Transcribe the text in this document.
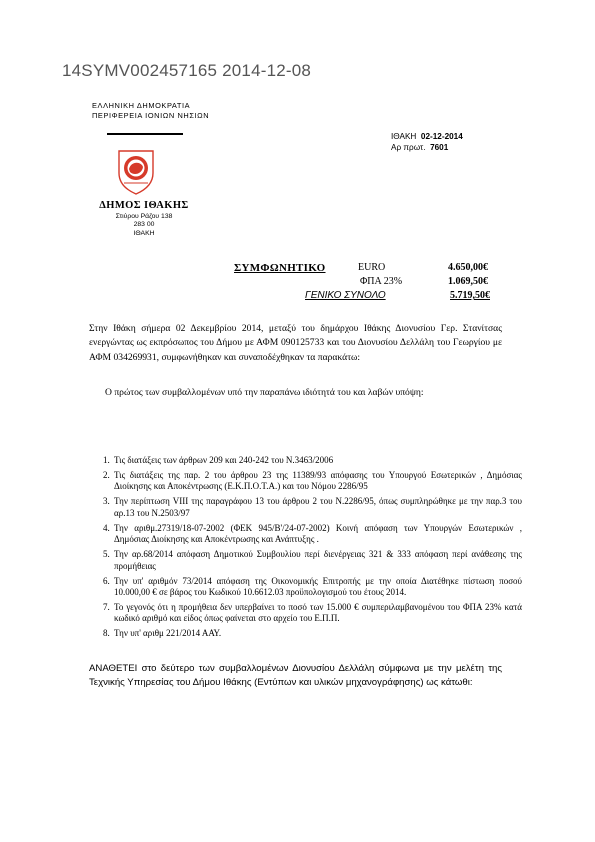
14SYMV002457165 2014-12-08
ΕΛΛΗΝΙΚΗ ΔΗΜΟΚΡΑΤΙΑ
ΠΕΡΙΦΕΡΕΙΑ ΙΟΝΙΩΝ ΝΗΣΙΩΝ
ΔΗΜΟΣ ΙΘΑΚΗΣ
Στιύρου Ράζου 138
283 00
ΙΘΑΚΗ
ΙΘΑΚΗ 02-12-2014
Αρ πρωτ. 7601
ΣΥΜΦΩΝΗΤΙΚΟ	EURO	4.650,00€
ΦΠΑ 23%	1.069,50€
ΓΕΝΙΚΟ ΣΥΝΟΛΟ	5.719,50€
Στην Ιθάκη σήμερα 02 Δεκεμβρίου 2014, μεταξύ του δημάρχου Ιθάκης Διονυσίου Γερ. Στανίτσας ενεργώντας ως εκπρόσωπος του Δήμου με ΑΦΜ 090125733 και του Διονυσίου Δελλάλη του Γεωργίου με ΑΦΜ 034269931, συμφωνήθηκαν και συναποδέχθηκαν τα παρακάτω:
Ο πρώτος των συμβαλλομένων υπό την παραπάνω ιδιότητά του και λαβών υπόψη:
1. Τις διατάξεις των άρθρων 209 και 240-242 του Ν.3463/2006
2. Τις διατάξεις της παρ. 2 του άρθρου 23 της 11389/93 απόφασης του Υπουργού Εσωτερικών , Δημόσιας Διοίκησης και Αποκέντρωσης (Ε.Κ.Π.Ο.Τ.Α.) και του Νόμου 2286/95
3. Την περίπτωση VIII της παραγράφου 13 του άρθρου 2 του Ν.2286/95, όπως συμπληρώθηκε με την παρ.3 του αρ.13 του Ν.2503/97
4. Την αριθμ.27319/18-07-2002 (ΦΕΚ 945/Β'/24-07-2002) Κοινή απόφαση των Υπουργών Εσωτερικών , Δημόσιας Διοίκησης και Αποκέντρωσης και Ανάπτυξης .
5. Την αρ.68/2014 απόφαση Δημοτικού Συμβουλίου περί διενέργειας 321 & 333 απόφαση περί ανάθεσης της προμήθειας
6. Την υπ' αριθμόν 73/2014 απόφαση της Οικονομικής Επιτροπής με την οποία Διατέθηκε πίστωση ποσού 10.000,00 € σε βάρος του Κωδικού 10.6612.03 προϋπολογισμού του έτους 2014.
7. Το γεγονός ότι η προμήθεια δεν υπερβαίνει το ποσό των 15.000 € συμπεριλαμβανομένου του ΦΠΑ 23% κατά κωδικό αριθμό και είδος όπως φαίνεται στο αρχείο του Ε.Π.Π.
8. Την υπ' αριθμ 221/2014 ΑΑΥ.
ΑΝΑΘΕΤΕΙ στο δεύτερο των συμβαλλομένων Διονυσίου Δελλάλη σύμφωνα με την μελέτη της Τεχνικής Υπηρεσίας του Δήμου Ιθάκης (Εντύπων και υλικών μηχανογράφησης) ως κάτωθι:
